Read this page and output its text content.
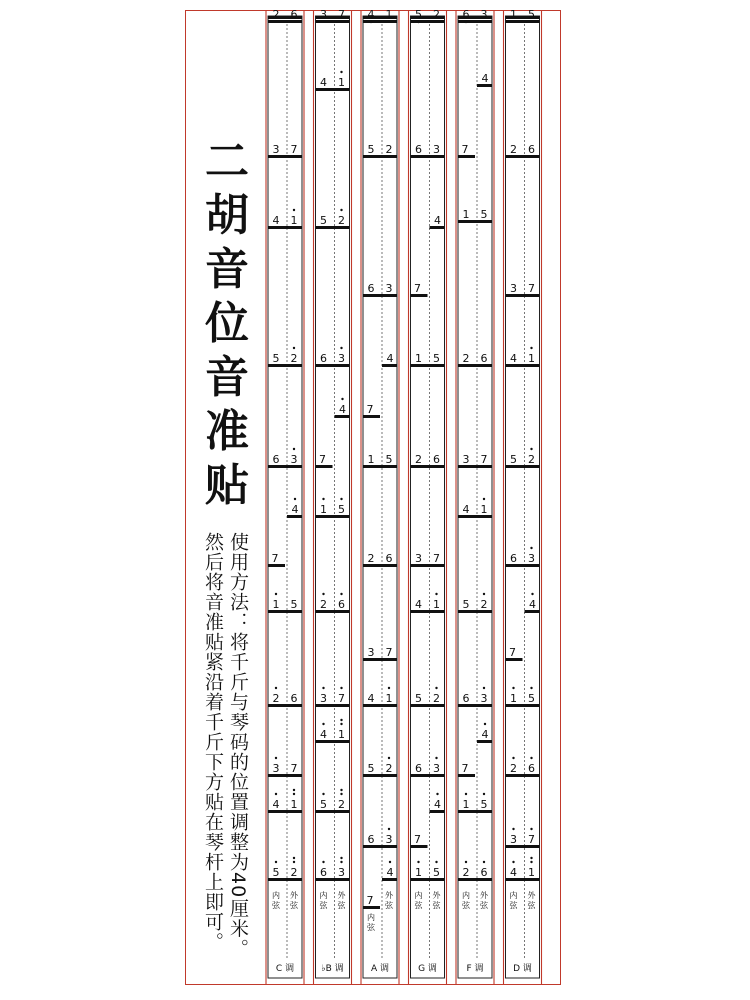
二
胡
音
位
音
准
贴
使用方法：将千斤与琴码的位置调整为40厘米。
然后将音准贴紧沿着千斤下方贴在琴杆上即可。
2 6
3 7
4 1
5 2
6 3
4
7
1 5
2 6
3 7
4 1
5 2
内
弦
外
弦
C 调
3 7
4 1
5 2
6 3
4
7
1 5
2 6
3 7
4 1
5 2
6 3
内
弦
外
弦
♭B 调
4 1
5 2
6 3
4
7
1 5
2 6
3 7
4 1
5 2
6 3
4
7
内
弦
外
弦
A 调
5 2
6 3
4
7
1 5
2 6
3 7
4 1
5 2
6 3
4
7
1 5
内
弦
外
弦
G 调
6 3
4
7
1 5
2 6
3 7
4 1
5 2
6 3
4
7
1 5
2 6
内
弦
外
弦
F 调
1 5
2 6
3 7
4 1
5 2
6 3
4
7
1 5
2 6
3 7
4 1
内
弦
外
弦
D 调
